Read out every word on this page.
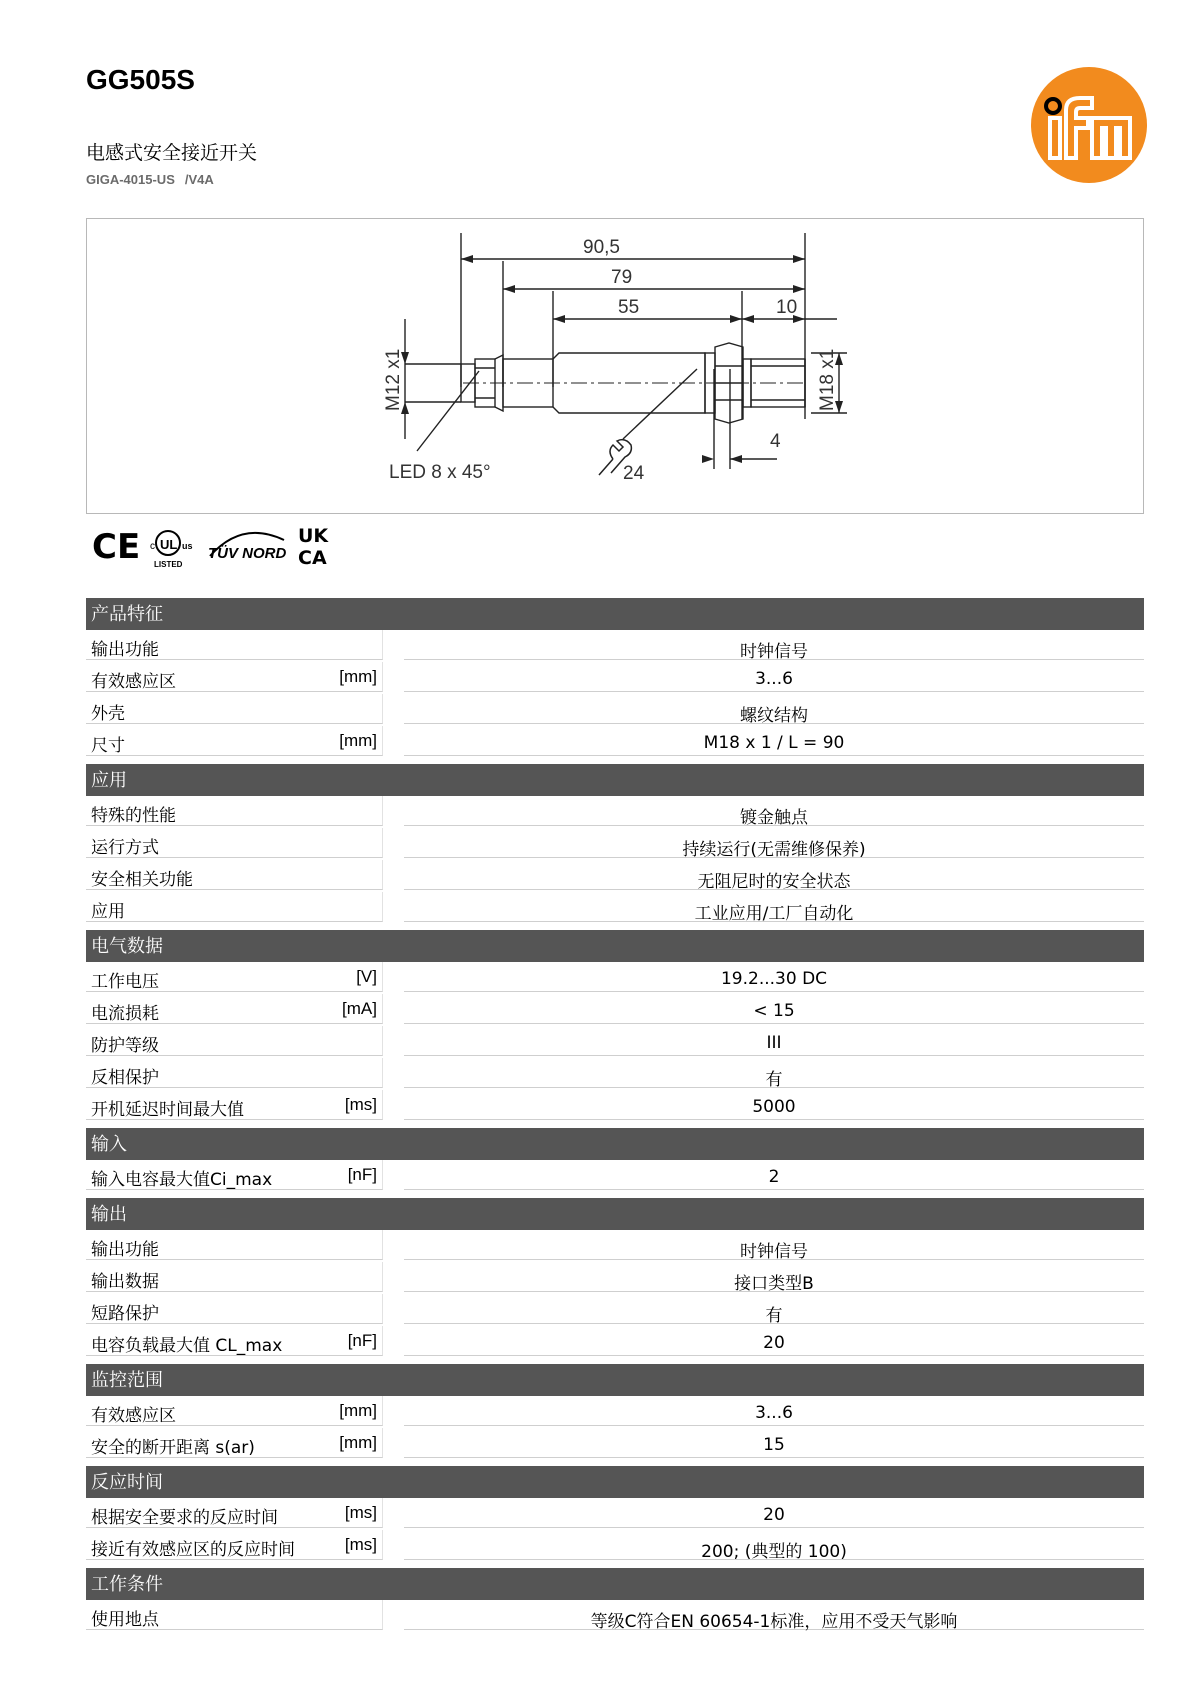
GG505S
电感式安全接近开关
GIGA-4015-US /V4A
90,5
79
55	10
4
LED 8 x 45°	24
M12 x1	M18 x1
CE c UL us
LISTED
TÜV NORD
UK
CA
产品特征
输出功能	时钟信号
有效感应区	[mm]	3...6
外壳	螺纹结构
尺寸	[mm]	M18 x 1 / L = 90
应用
特殊的性能	镀金触点
运行方式	持续运行(无需维修保养)
安全相关功能	无阻尼时的安全状态
应用	工业应用/工厂自动化
电气数据
工作电压	[V]	19.2...30 DC
电流损耗	[mA]	< 15
防护等级	III
反相保护	有
开机延迟时间最大值	[ms]	5000
输入
输入电容最大值Ci_max	[nF]	2
输出
输出功能	时钟信号
输出数据	接口类型B
短路保护	有
电容负载最大值 CL_max	[nF]	20
监控范围
有效感应区	[mm]	3...6
安全的断开距离 s(ar)	[mm]	15
反应时间
根据安全要求的反应时间	[ms]	20
接近有效感应区的反应时间	[ms]	200; (典型的 100)
工作条件
使用地点	等级C符合EN 60654-1标准，应用不受天气影响
